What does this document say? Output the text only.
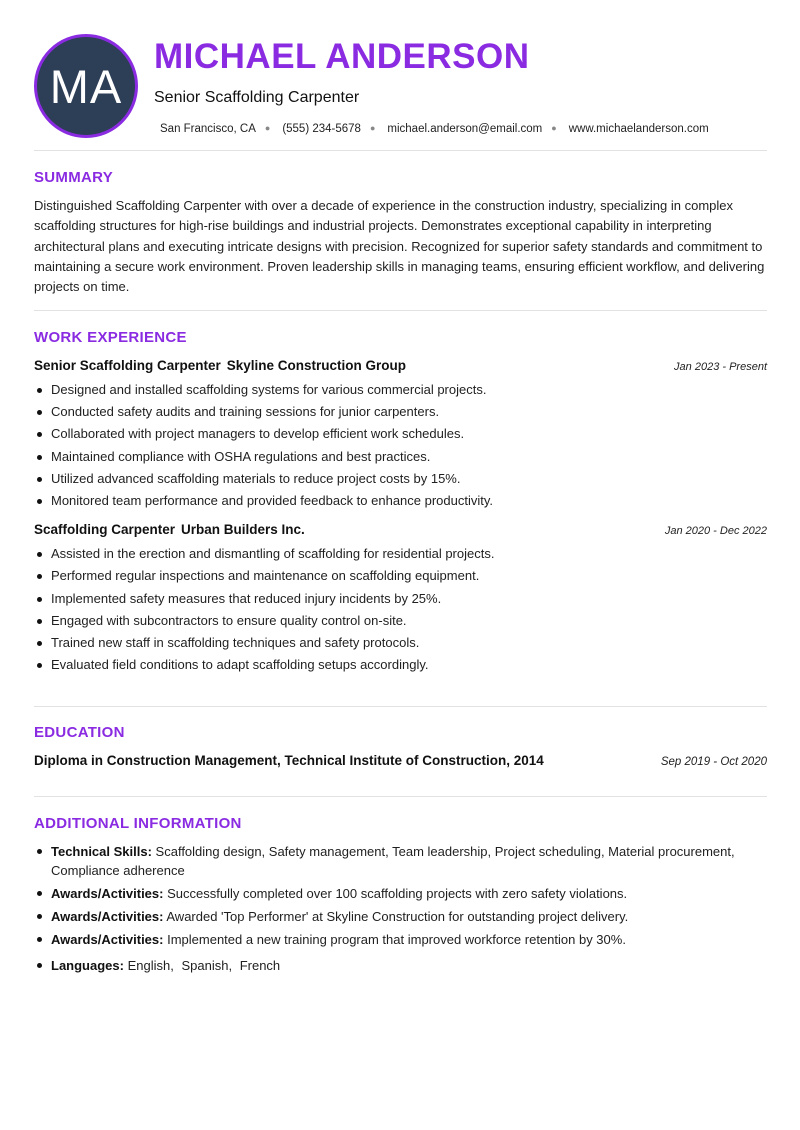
MA
MICHAEL ANDERSON
Senior Scaffolding Carpenter
San Francisco, CA ● (555) 234-5678 ● michael.anderson@email.com ● www.michaelanderson.com
SUMMARY

Distinguished Scaffolding Carpenter with over a decade of experience in the construction industry, specializing in complex scaffolding structures for high-rise buildings and industrial projects. Demonstrates exceptional capability in interpreting architectural plans and executing intricate designs with precision. Recognized for superior safety standards and commitment to maintaining a secure work environment. Proven leadership skills in managing teams, ensuring efficient workflow, and delivering projects on time.

WORK EXPERIENCE
Senior Scaffolding Carpenter Skyline Construction Group	Jan 2023 - Present
Designed and installed scaffolding systems for various commercial projects.
Conducted safety audits and training sessions for junior carpenters.
Collaborated with project managers to develop efficient work schedules.
Maintained compliance with OSHA regulations and best practices.
Utilized advanced scaffolding materials to reduce project costs by 15%.
Monitored team performance and provided feedback to enhance productivity.
Scaffolding Carpenter Urban Builders Inc.	Jan 2020 - Dec 2022
Assisted in the erection and dismantling of scaffolding for residential projects.
Performed regular inspections and maintenance on scaffolding equipment.
Implemented safety measures that reduced injury incidents by 25%.
Engaged with subcontractors to ensure quality control on-site.
Trained new staff in scaffolding techniques and safety protocols.
Evaluated field conditions to adapt scaffolding setups accordingly.
EDUCATION
Diploma in Construction Management, Technical Institute of Construction, 2014	Sep 2019 - Oct 2020
ADDITIONAL INFORMATION
Technical Skills: Scaffolding design, Safety management, Team leadership, Project scheduling, Material procurement, Compliance adherence
Awards/Activities: Successfully completed over 100 scaffolding projects with zero safety violations.
Awards/Activities: Awarded 'Top Performer' at Skyline Construction for outstanding project delivery.
Awards/Activities: Implemented a new training program that improved workforce retention by 30%.
Languages: English, Spanish, French
